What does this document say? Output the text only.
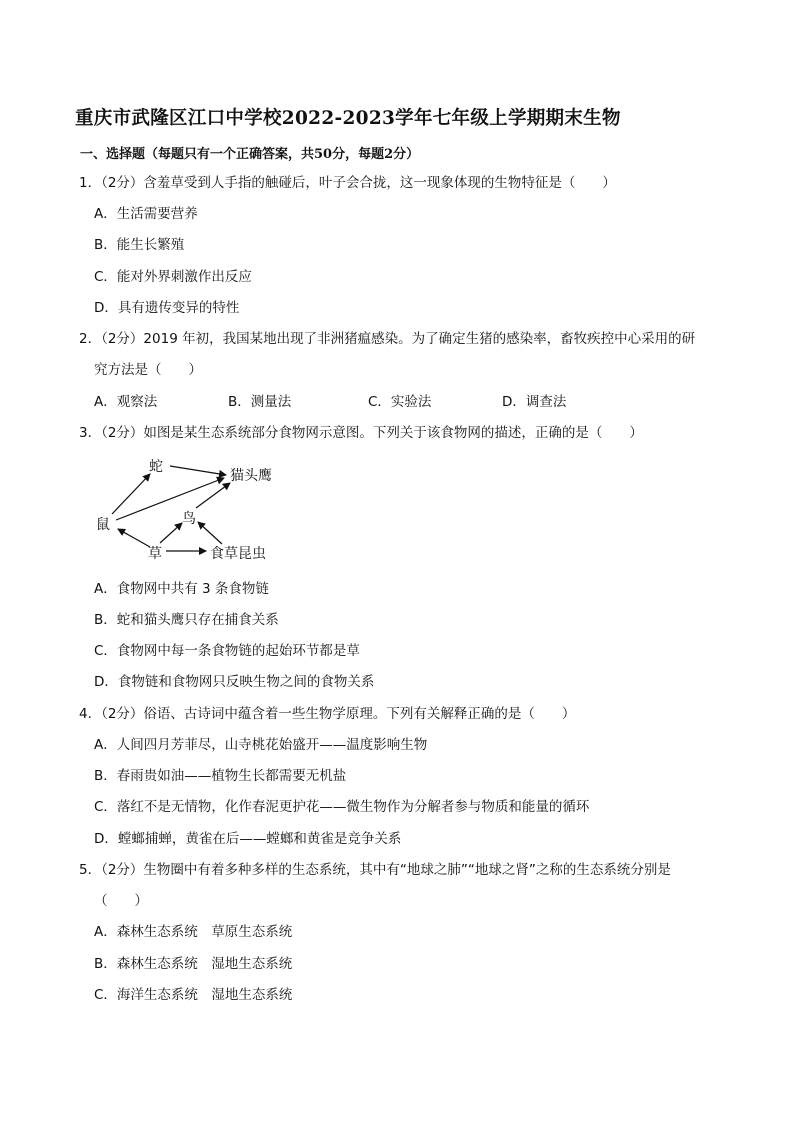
重庆市武隆区江口中学校2022-2023学年七年级上学期期末生物
一、选择题（每题只有一个正确答案，共50分，每题2分）
1．（2分）含羞草受到人手指的触碰后，叶子会合拢，这一现象体现的生物特征是（　　）
A．生活需要营养
B．能生长繁殖
C．能对外界刺激作出反应
D．具有遗传变异的特性
2．（2分）2019 年初，我国某地出现了非洲猪瘟感染。为了确定生猪的感染率，畜牧疾控中心采用的研
究方法是（　　）
A．观察法	B．测量法	C．实验法	D．调查法
3．（2分）如图是某生态系统部分食物网示意图。下列关于该食物网的描述，正确的是（　　）
蛇
猫头鹰
鼠	鸟
草	食草昆虫
A．食物网中共有 3 条食物链
B．蛇和猫头鹰只存在捕食关系
C．食物网中每一条食物链的起始环节都是草
D．食物链和食物网只反映生物之间的食物关系
4．（2分）俗语、古诗词中蕴含着一些生物学原理。下列有关解释正确的是（　　）
A．人间四月芳菲尽，山寺桃花始盛开——温度影响生物
B．春雨贵如油——植物生长都需要无机盐
C．落红不是无情物，化作春泥更护花——微生物作为分解者参与物质和能量的循环
D．螳螂捕蝉，黄雀在后——螳螂和黄雀是竞争关系
5．（2分）生物圈中有着多种多样的生态系统，其中有“地球之肺”“地球之肾”之称的生态系统分别是
（　　）
A．森林生态系统　草原生态系统
B．森林生态系统　湿地生态系统
C．海洋生态系统　湿地生态系统
